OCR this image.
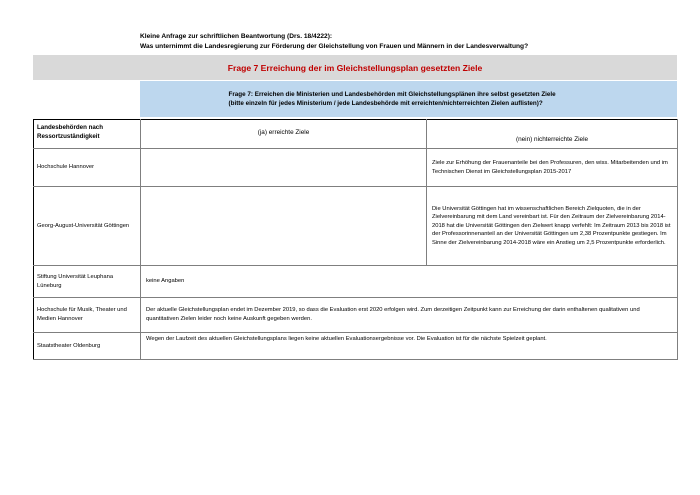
Kleine Anfrage zur schriftlichen Beantwortung (Drs. 18/4222):
Was unternimmt die Landesregierung zur Förderung der Gleichstellung von Frauen und Männern in der Landesverwaltung?
Frage 7 Erreichung der im Gleichstellungsplan gesetzten Ziele
Frage 7: Erreichen die Ministerien und Landesbehörden mit Gleichstellungsplänen ihre selbst gesetzten Ziele
(bitte einzeln für jedes Ministerium / jede Landesbehörde mit erreichten/nichterreichten Zielen auflisten)?
Landesbehörden nach Ressortzuständigkeit	(ja) erreichte Ziele	(nein) nichterreichte Ziele
Hochschule Hannover		Ziele zur Erhöhung der Frauenanteile bei den Professuren, den wiss. Mitarbeitenden und im Technischen Dienst im Gleichstellungsplan 2015-2017
Georg-August-Universität Göttingen		Die Universität Göttingen hat im wissenschaftlichen Bereich Zielquoten, die in der Zielvereinbarung mit dem Land vereinbart ist. Für den Zeitraum der Zielvereinbarung 2014-2018 hat die Universität Göttingen den Zielwert knapp verfehlt: Im Zeitraum 2013 bis 2018 ist der Professorinnenanteil an der Universität Göttingen um 2,38 Prozentpunkte gestiegen. Im Sinne der Zielvereinbarung 2014-2018 wäre ein Anstieg um 2,5 Prozentpunkte erforderlich.
Stiftung Universität Leuphana Lüneburg	keine Angaben	
Hochschule für Musik, Theater und Medien Hannover	Der aktuelle Gleichstellungsplan endet im Dezember 2019, so dass die Evaluation erst 2020 erfolgen wird. Zum derzeitigen Zeitpunkt kann zur Erreichung der darin enthaltenen qualitativen und quantitativen Zielen leider noch keine Auskunft gegeben werden.	
Staatstheater Oldenburg	Wegen der Laufzeit des aktuellen Gleichstellungsplans liegen keine aktuellen Evaluationsergebnisse vor. Die Evaluation ist für die nächste Spielzeit geplant.	
